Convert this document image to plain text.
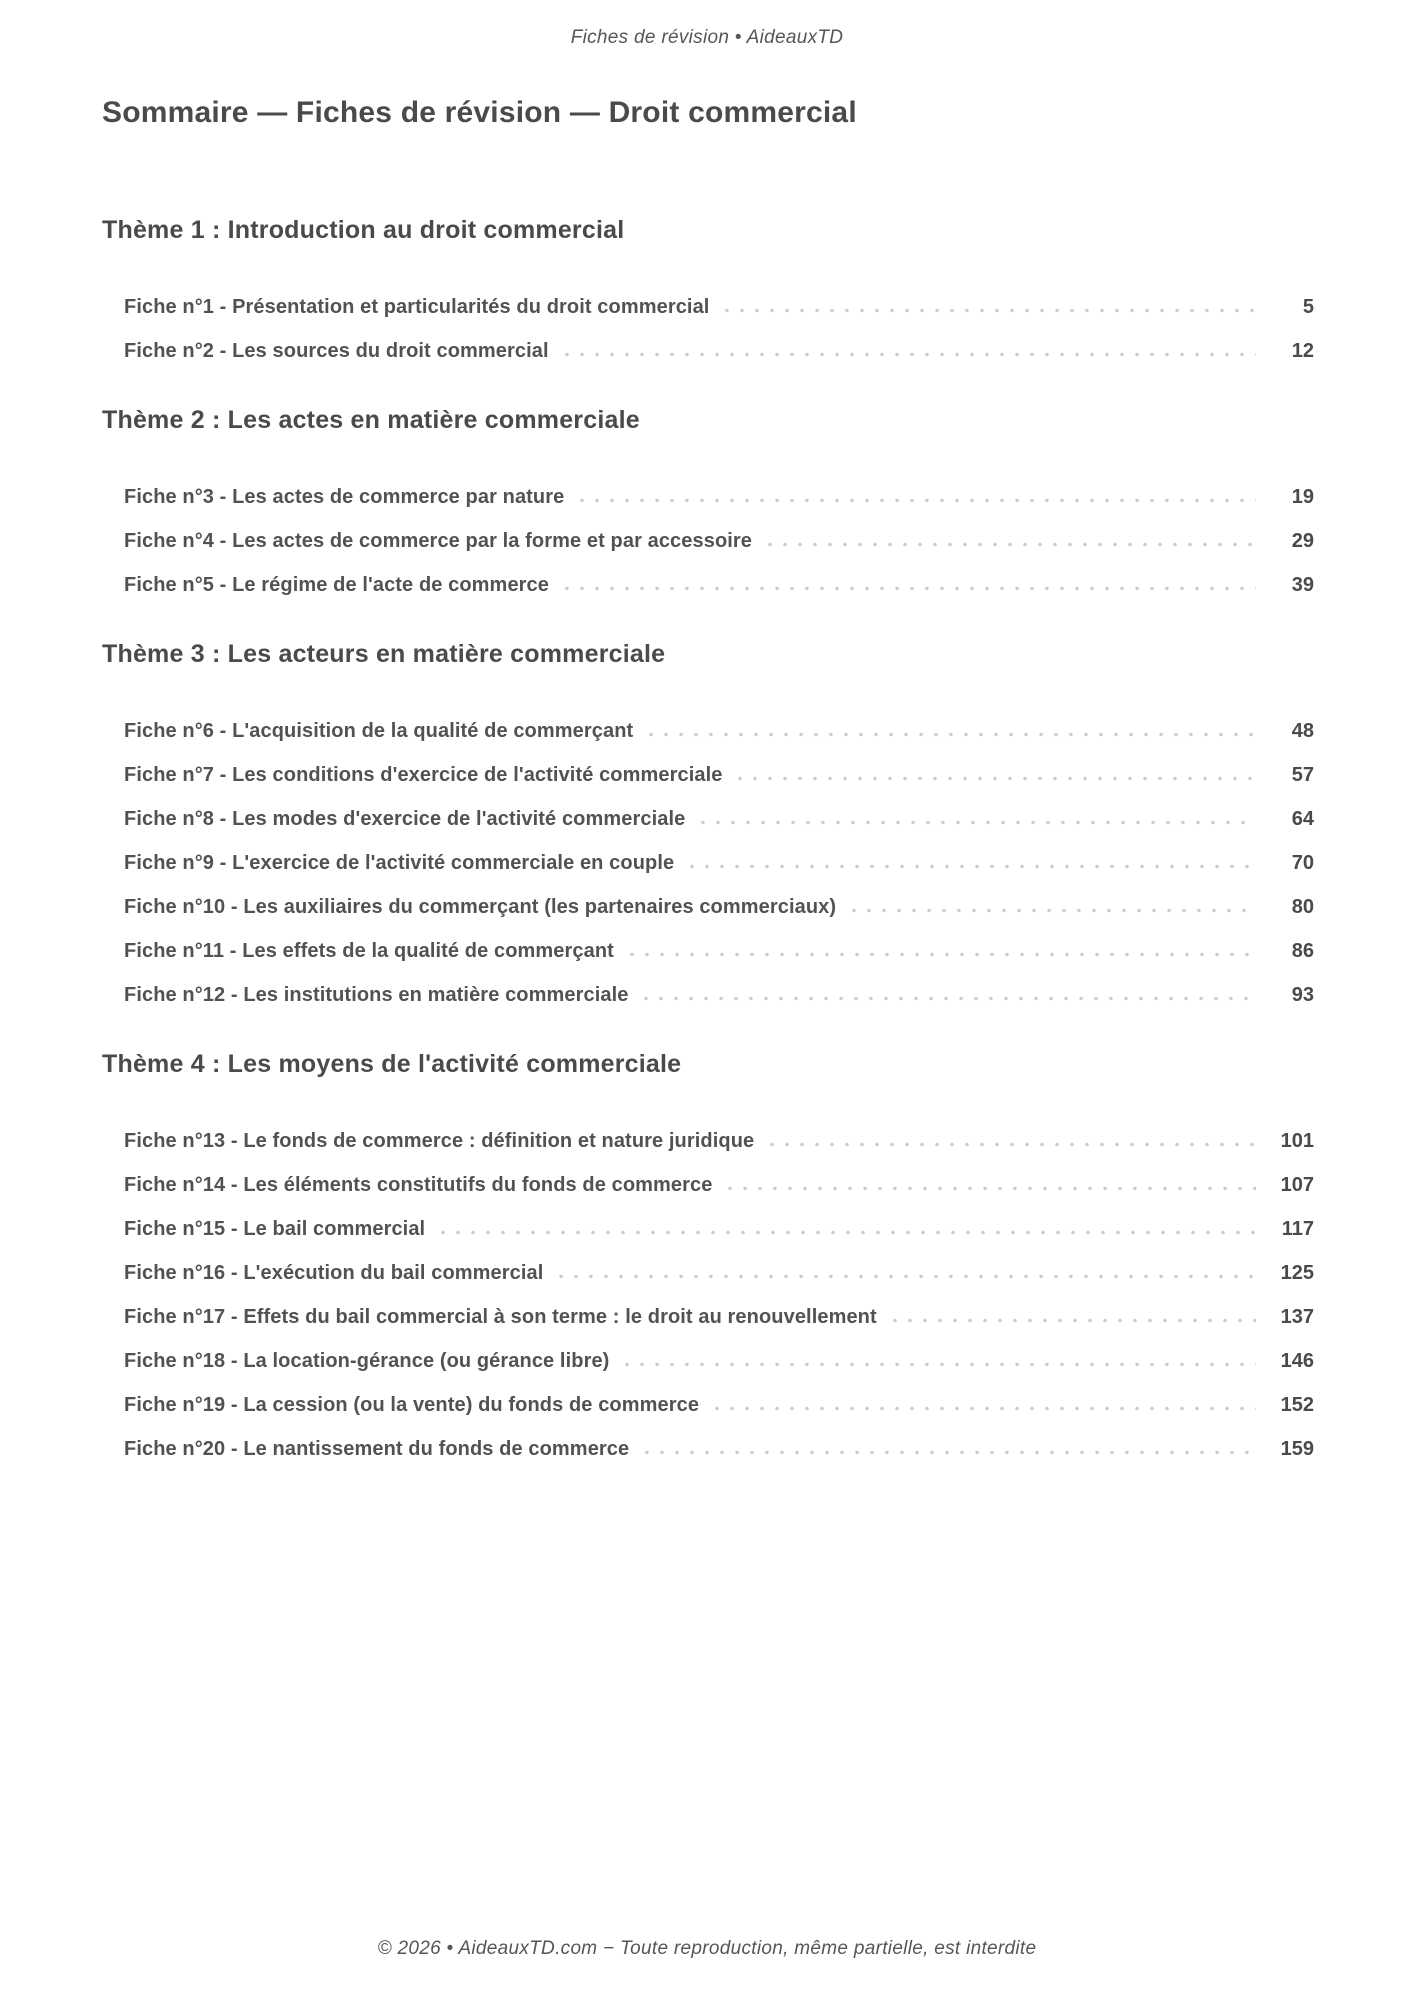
Fiches de révision • AideauxTD
Sommaire — Fiches de révision — Droit commercial
Thème 1 : Introduction au droit commercial
Fiche n°1 - Présentation et particularités du droit commercial	5
Fiche n°2 - Les sources du droit commercial	12
Thème 2 : Les actes en matière commerciale
Fiche n°3 - Les actes de commerce par nature	19
Fiche n°4 - Les actes de commerce par la forme et par accessoire	29
Fiche n°5 - Le régime de l'acte de commerce	39
Thème 3 : Les acteurs en matière commerciale
Fiche n°6 - L'acquisition de la qualité de commerçant	48
Fiche n°7 - Les conditions d'exercice de l'activité commerciale	57
Fiche n°8 - Les modes d'exercice de l'activité commerciale	64
Fiche n°9 - L'exercice de l'activité commerciale en couple	70
Fiche n°10 - Les auxiliaires du commerçant (les partenaires commerciaux)	80
Fiche n°11 - Les effets de la qualité de commerçant	86
Fiche n°12 - Les institutions en matière commerciale	93
Thème 4 : Les moyens de l'activité commerciale
Fiche n°13 - Le fonds de commerce : définition et nature juridique	101
Fiche n°14 - Les éléments constitutifs du fonds de commerce	107
Fiche n°15 - Le bail commercial	117
Fiche n°16 - L'exécution du bail commercial	125
Fiche n°17 - Effets du bail commercial à son terme : le droit au renouvellement	137
Fiche n°18 - La location-gérance (ou gérance libre)	146
Fiche n°19 - La cession (ou la vente) du fonds de commerce	152
Fiche n°20 - Le nantissement du fonds de commerce	159
© 2026 • AideauxTD.com − Toute reproduction, même partielle, est interdite
